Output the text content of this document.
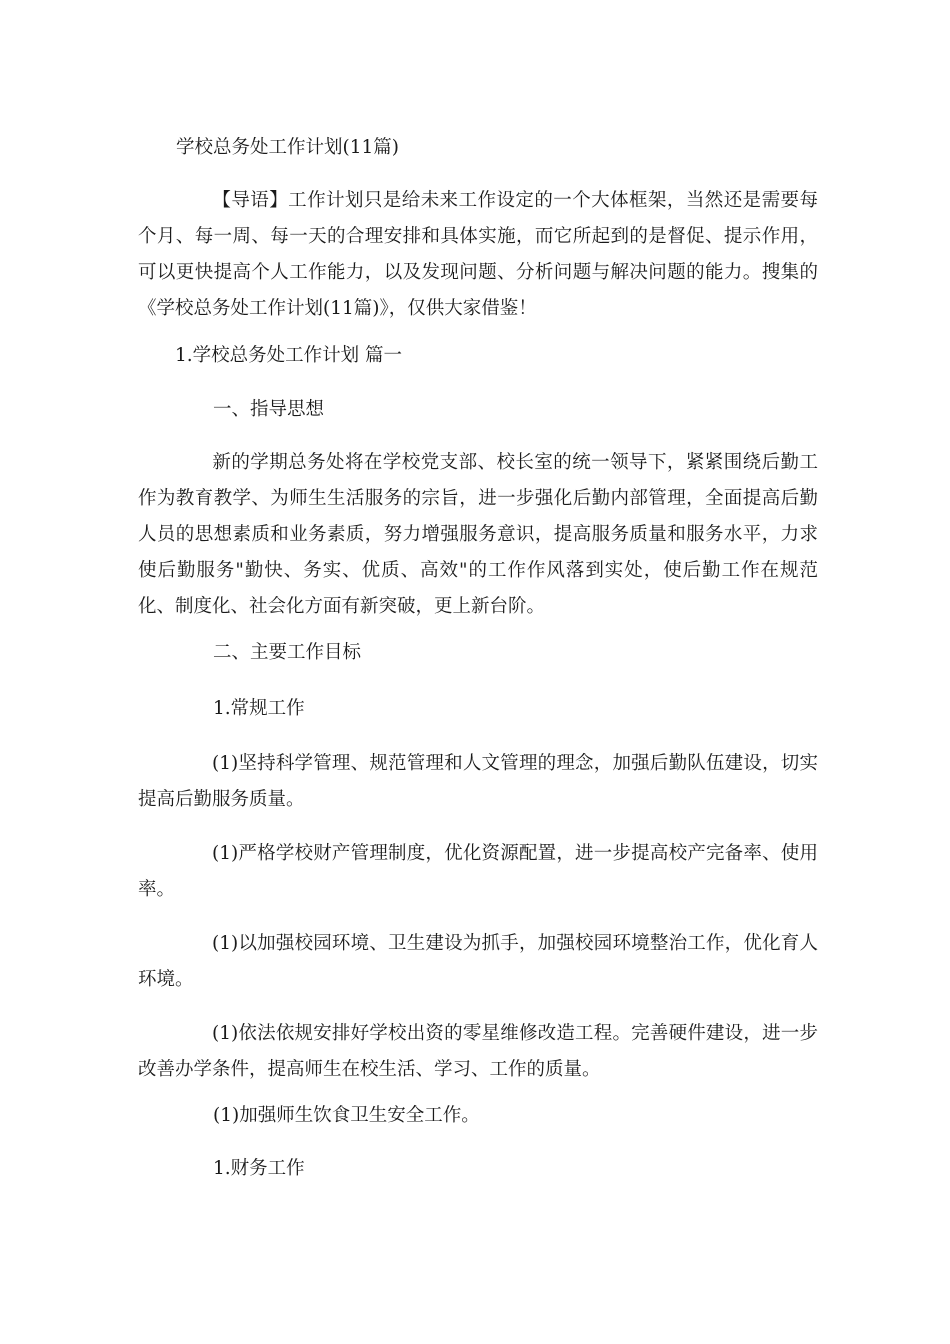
学校总务处工作计划(11篇)
【导语】工作计划只是给未来工作设定的一个大体框架，当然还是需要每个月、每一周、每一天的合理安排和具体实施，而它所起到的是督促、提示作用，可以更快提高个人工作能力，以及发现问题、分析问题与解决问题的能力。搜集的《学校总务处工作计划(11篇)》，仅供大家借鉴！
1.学校总务处工作计划 篇一
一、指导思想
新的学期总务处将在学校党支部、校长室的统一领导下，紧紧围绕后勤工作为教育教学、为师生生活服务的宗旨，进一步强化后勤内部管理，全面提高后勤人员的思想素质和业务素质，努力增强服务意识，提高服务质量和服务水平，力求使后勤服务"勤快、务实、优质、高效"的工作作风落到实处，使后勤工作在规范化、制度化、社会化方面有新突破，更上新台阶。
二、主要工作目标
1.常规工作
(1)坚持科学管理、规范管理和人文管理的理念，加强后勤队伍建设，切实提高后勤服务质量。
(1)严格学校财产管理制度，优化资源配置，进一步提高校产完备率、使用率。
(1)以加强校园环境、卫生建设为抓手，加强校园环境整治工作，优化育人环境。
(1)依法依规安排好学校出资的零星维修改造工程。完善硬件建设，进一步改善办学条件，提高师生在校生活、学习、工作的质量。
(1)加强师生饮食卫生安全工作。
1.财务工作
